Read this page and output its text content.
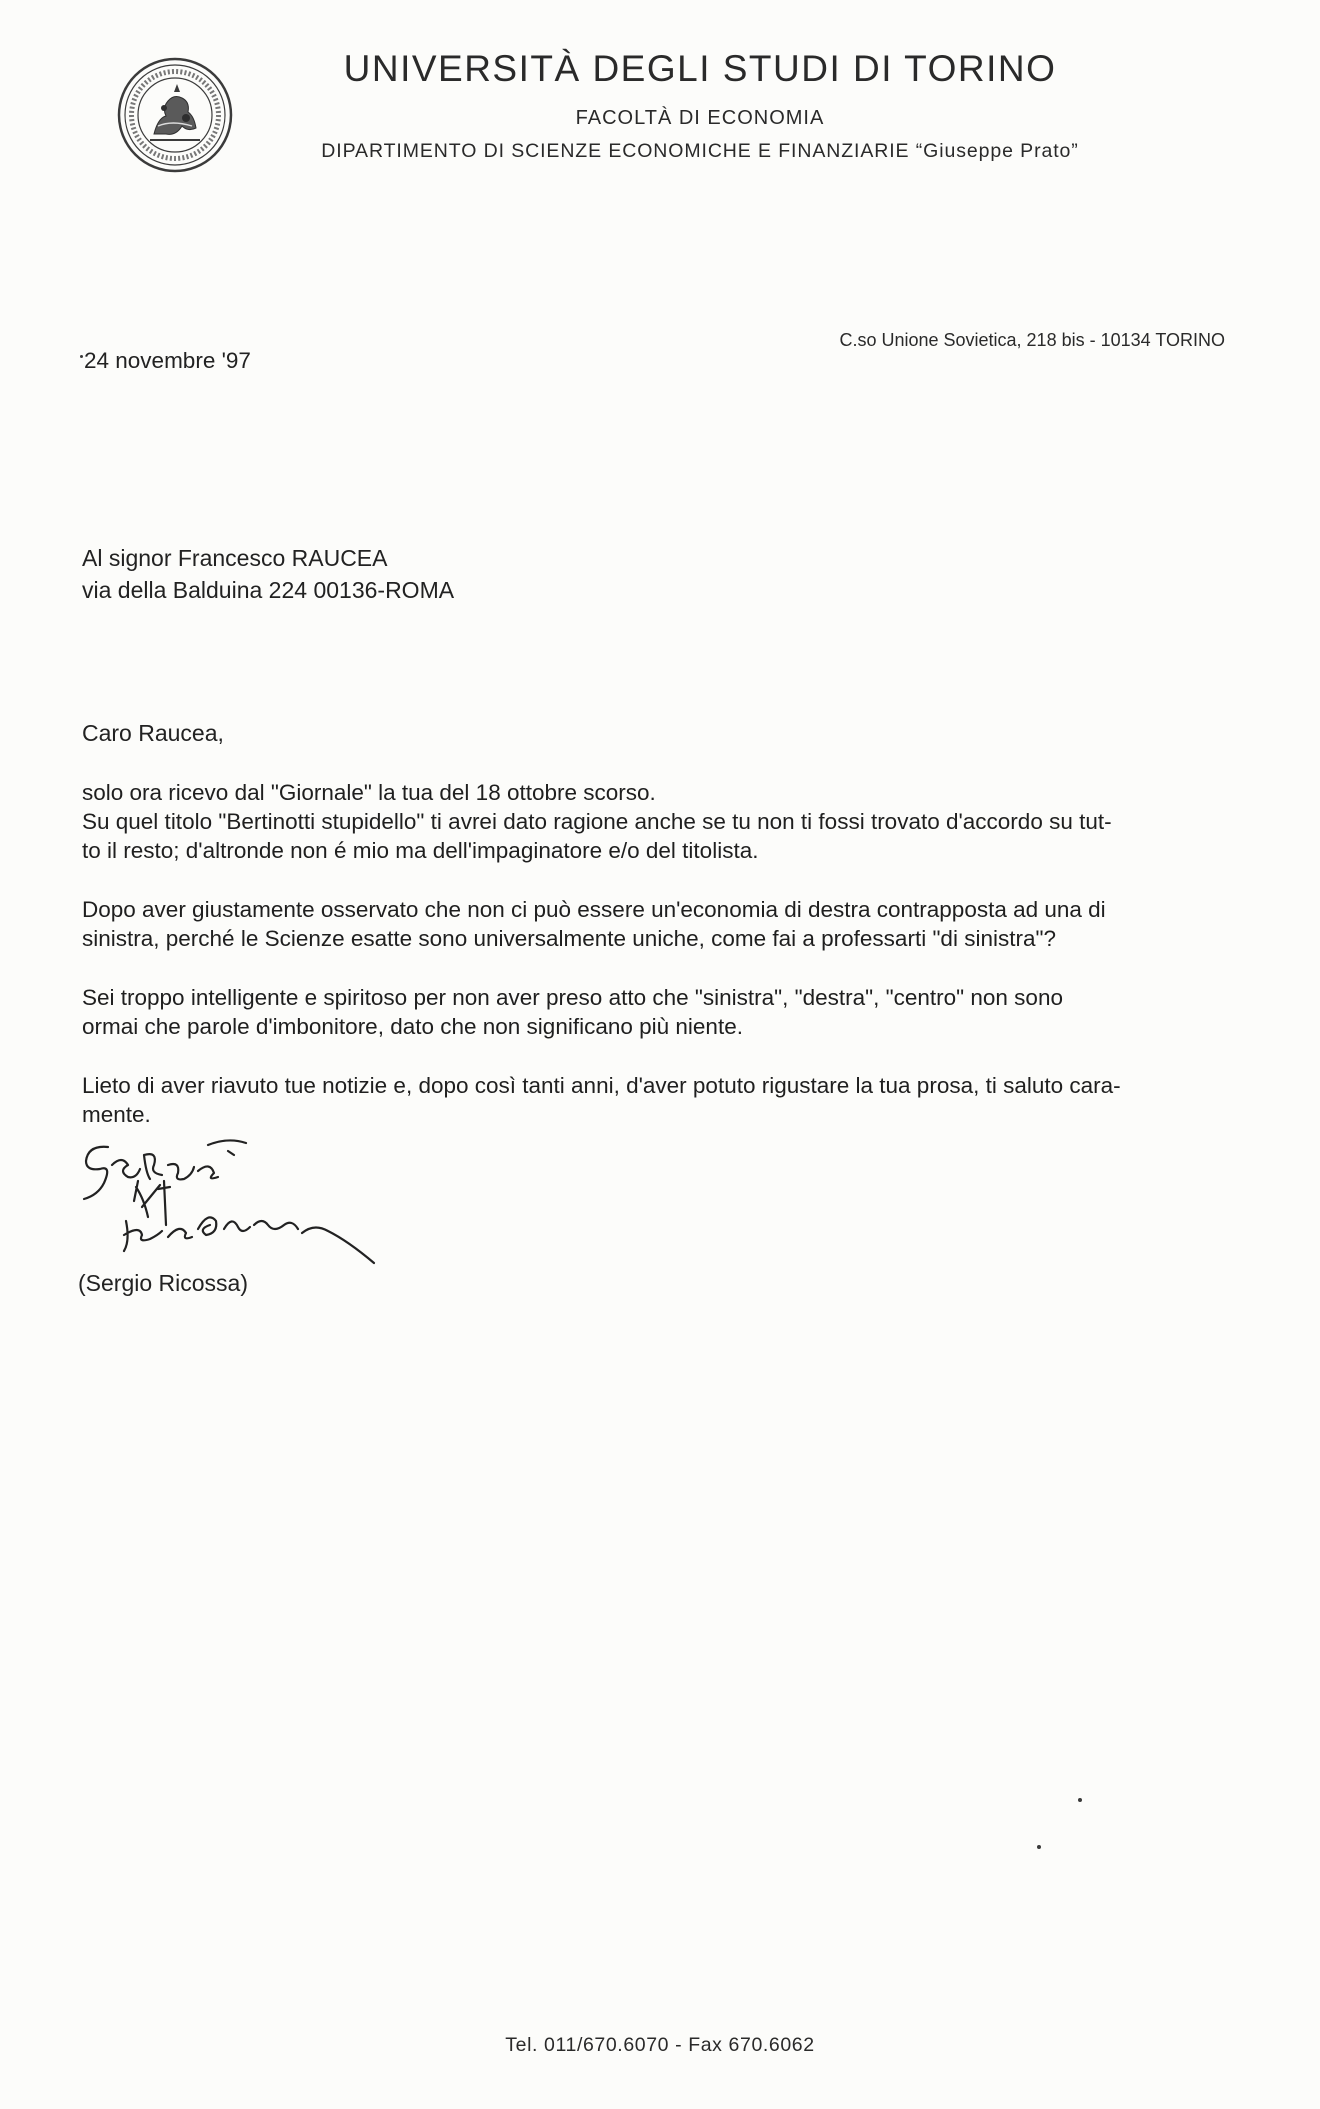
UNIVERSITÀ DEGLI STUDI DI TORINO
FACOLTÀ DI ECONOMIA
DIPARTIMENTO DI SCIENZE ECONOMICHE E FINANZIARIE “Giuseppe Prato”
C.so Unione Sovietica, 218 bis - 10134 TORINO
24 novembre '97
Al signor Francesco RAUCEA
via della Balduina 224 00136-ROMA
Caro Raucea,
solo ora ricevo dal "Giornale" la tua del 18 ottobre scorso.
Su quel titolo "Bertinotti stupidello" ti avrei dato ragione anche se tu non ti fossi trovato d'accordo su tut-
to il resto; d'altronde non é mio ma dell'impaginatore e/o del titolista.
Dopo aver giustamente osservato che non ci può essere un'economia di destra contrapposta ad una di
sinistra, perché le Scienze esatte sono universalmente uniche, come fai a professarti "di sinistra"?
Sei troppo intelligente e spiritoso per non aver preso atto che "sinistra", "destra", "centro" non sono
ormai che parole d'imbonitore, dato che non significano più niente.
Lieto di aver riavuto tue notizie e, dopo così tanti anni, d'aver potuto rigustare la tua prosa, ti saluto cara-
mente.
(Sergio Ricossa)
Tel. 011/670.6070 - Fax 670.6062
